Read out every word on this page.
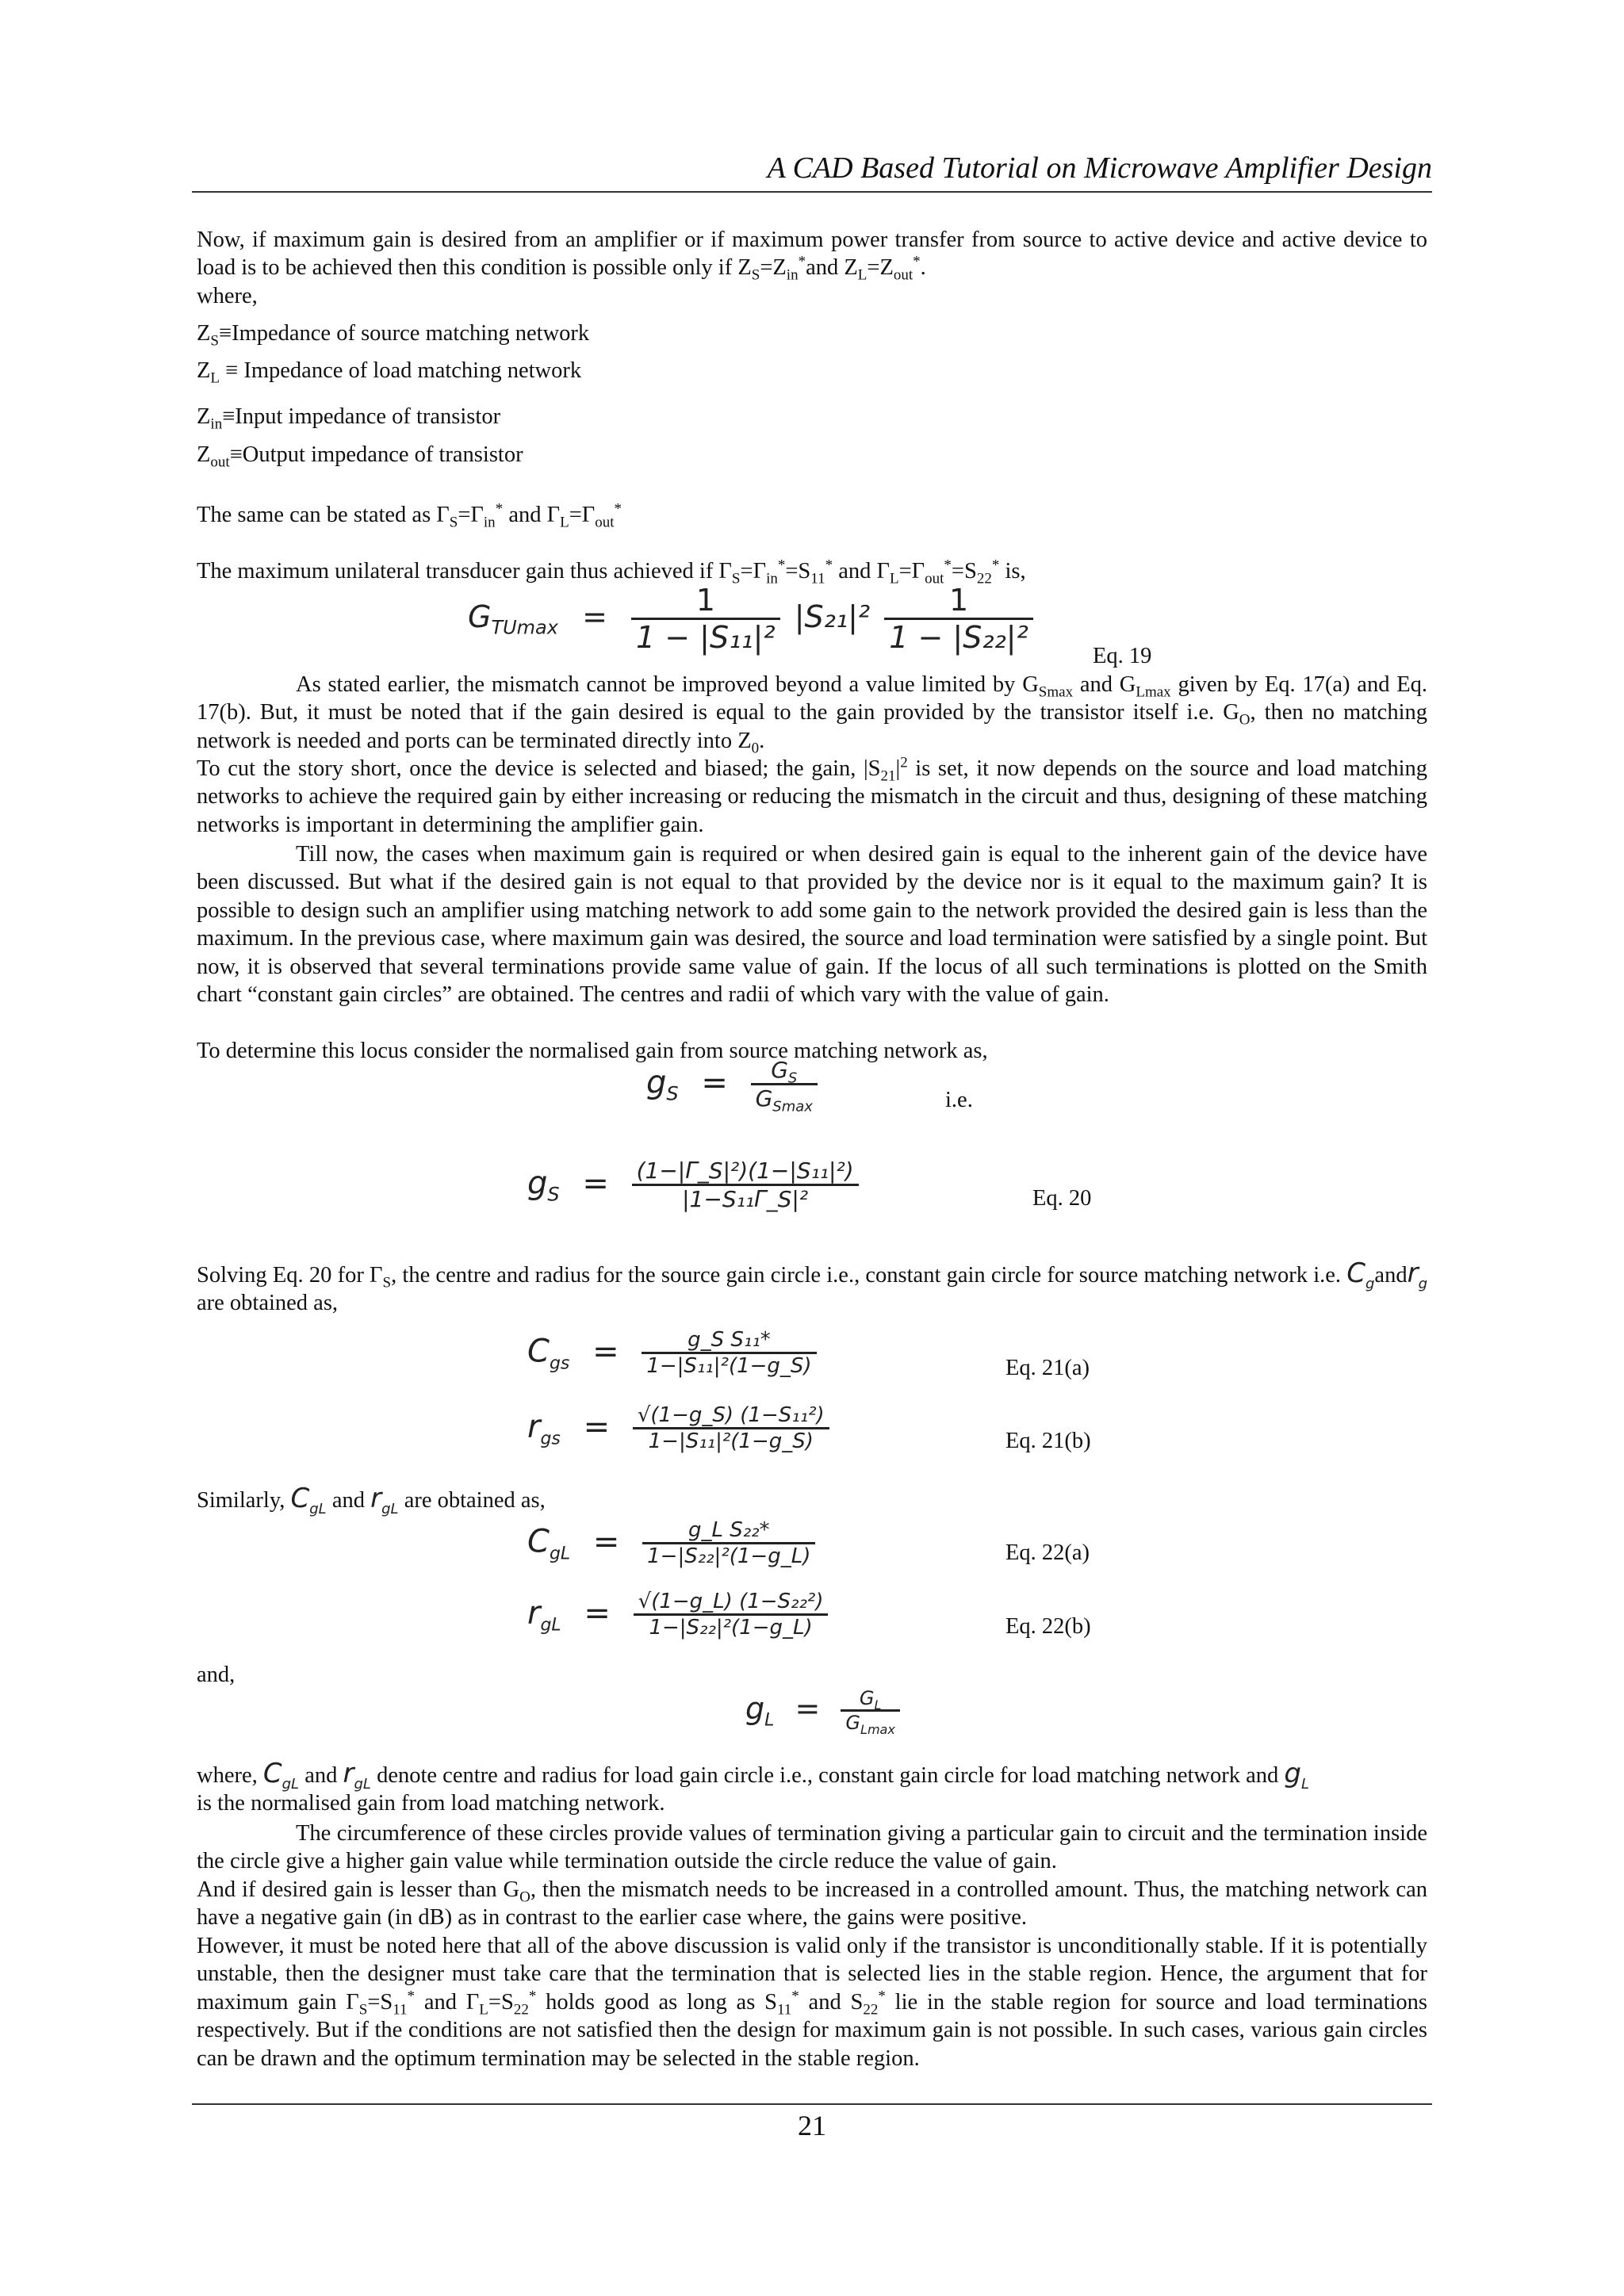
A CAD Based Tutorial on Microwave Amplifier Design
Now, if maximum gain is desired from an amplifier or if maximum power transfer from source to active device and active device to load is to be achieved then this condition is possible only if $Z_S=Z_{in}^*and$ $Z_L=Z_{out}^*$.
where,
$Z_S\equiv Impedance$ of source matching network
$Z_L$ ≡ Impedance of load matching network
$Z_{in}\equiv Input$ impedance of transistor
$Z_{out}\equiv Output$ impedance of transistor
The same can be stated as $\Gamma_S=\Gamma_{in}^*$ and $\Gamma_L=\Gamma_{out}^*$
The maximum unilateral transducer gain thus achieved if $\Gamma_S=\Gamma_{in}^*=S_{11}^*$ and $\Gamma_L=\Gamma_{out}^*=S_{22}^*$ is,
$G_{TUmax} = \frac{1}{\text{1 − |S₁₁|²}} |S_{21}|^2 \frac{1}{\text{1 − |S₂₂|²}}$
Eq. 19
As stated earlier, the mismatch cannot be improved beyond a value limited by $G_{Smax}$ and $G_{Lmax}$ given by Eq. 17(a) and Eq. 17(b). But, it must be noted that if the gain desired is equal to the gain provided by the transistor itself i.e. $G_O$, then no matching network is needed and ports can be terminated directly into $Z_0$.
To cut the story short, once the device is selected and biased; the gain, $|S_{21}|^2$ is set, it now depends on the source and load matching networks to achieve the required gain by either increasing or reducing the mismatch in the circuit and thus, designing of these matching networks is important in determining the amplifier gain.
Till now, the cases when maximum gain is required or when desired gain is equal to the inherent gain of the device have been discussed. But what if the desired gain is not equal to that provided by the device nor is it equal to the maximum gain? It is possible to design such an amplifier using matching network to add some gain to the network provided the desired gain is less than the maximum. In the previous case, where maximum gain was desired, the source and load termination were satisfied by a single point. But now, it is observed that several terminations provide same value of gain. If the locus of all such terminations is plotted on the Smith chart “constant gain circles” are obtained. The centres and radii of which vary with the value of gain.
To determine this locus consider the normalised gain from source matching network as,
$g_S = \frac{G_S}{G_{Smax}}$	i.e.
$g_S = \frac{\text{(1−|Γ\_S|²)(1−|S₁₁|²)}}{\text{|1−S₁₁Γ\_S|²}}$	Eq. 20
Solving Eq. 20 for $\Gamma_S$, the centre and radius for the source gain circle i.e., constant gain circle for source matching network i.e. $C_gandr_g$ are obtained as,
$C_{gs} = \frac{\text{g\_S S₁₁*}}{\text{1−|S₁₁|²(1−g\_S)}}$	Eq. 21(a)
$r_{gs} = \frac{\text{√(1−g\_S) (1−S₁₁²)}}{\text{1−|S₁₁|²(1−g\_S)}}$	Eq. 21(b)
Similarly, $C_{gL}$ and $r_{gL}$ are obtained as,
$C_{gL} = \frac{\text{g\_L S₂₂*}}{\text{1−|S₂₂|²(1−g\_L)}}$	Eq. 22(a)
$r_{gL} = \frac{\text{√(1−g\_L) (1−S₂₂²)}}{\text{1−|S₂₂|²(1−g\_L)}}$	Eq. 22(b)
and,
$g_L = \frac{G_L}{G_{Lmax}}$
where, $C_{gL}$ and $r_{gL}$ denote centre and radius for load gain circle i.e., constant gain circle for load matching network and $g_L$
is the normalised gain from load matching network.
The circumference of these circles provide values of termination giving a particular gain to circuit and the termination inside the circle give a higher gain value while termination outside the circle reduce the value of gain.
And if desired gain is lesser than $G_O$, then the mismatch needs to be increased in a controlled amount. Thus, the matching network can have a negative gain (in dB) as in contrast to the earlier case where, the gains were positive.
However, it must be noted here that all of the above discussion is valid only if the transistor is unconditionally stable. If it is potentially unstable, then the designer must take care that the termination that is selected lies in the stable region. Hence, the argument that for maximum gain $\Gamma_S=S_{11}^*$ and $\Gamma_L=S_{22}^*$ holds good as long as $S_{11}^*$ and $S_{22}^*$ lie in the stable region for source and load terminations respectively. But if the conditions are not satisfied then the design for maximum gain is not possible. In such cases, various gain circles can be drawn and the optimum termination may be selected in the stable region.
21
